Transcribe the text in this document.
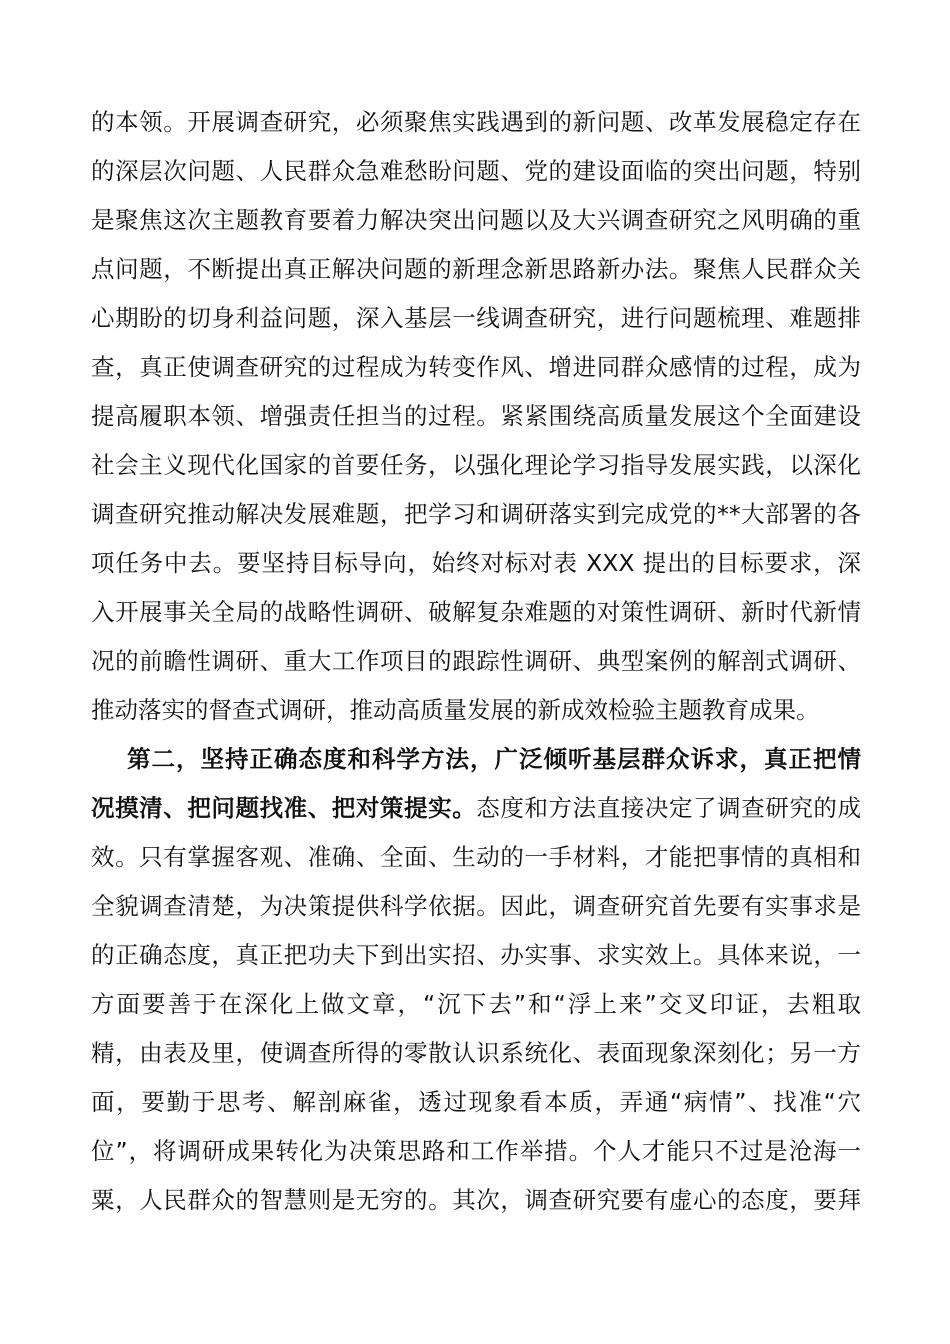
的本领。开展调查研究，必须聚焦实践遇到的新问题、改革发展稳定存在
的深层次问题、人民群众急难愁盼问题、党的建设面临的突出问题，特别
是聚焦这次主题教育要着力解决突出问题以及大兴调查研究之风明确的重
点问题，不断提出真正解决问题的新理念新思路新办法。聚焦人民群众关
心期盼的切身利益问题，深入基层一线调查研究，进行问题梳理、难题排
查，真正使调查研究的过程成为转变作风、增进同群众感情的过程，成为
提高履职本领、增强责任担当的过程。紧紧围绕高质量发展这个全面建设
社会主义现代化国家的首要任务，以强化理论学习指导发展实践，以深化
调查研究推动解决发展难题，把学习和调研落实到完成党的**大部署的各
项任务中去。要坚持目标导向，始终对标对表 XXX 提出的目标要求，深
入开展事关全局的战略性调研、破解复杂难题的对策性调研、新时代新情
况的前瞻性调研、重大工作项目的跟踪性调研、典型案例的解剖式调研、
推动落实的督查式调研，推动高质量发展的新成效检验主题教育成果。
第二，坚持正确态度和科学方法，广泛倾听基层群众诉求，真正把情
况摸清、把问题找准、把对策提实。态度和方法直接决定了调查研究的成
效。只有掌握客观、准确、全面、生动的一手材料，才能把事情的真相和
全貌调查清楚，为决策提供科学依据。因此，调查研究首先要有实事求是
的正确态度，真正把功夫下到出实招、办实事、求实效上。具体来说，一
方面要善于在深化上做文章，“沉下去”和“浮上来”交叉印证，去粗取
精，由表及里，使调查所得的零散认识系统化、表面现象深刻化；另一方
面，要勤于思考、解剖麻雀，透过现象看本质，弄通“病情”、找准“穴
位”，将调研成果转化为决策思路和工作举措。个人才能只不过是沧海一
粟，人民群众的智慧则是无穷的。其次，调查研究要有虚心的态度，要拜
